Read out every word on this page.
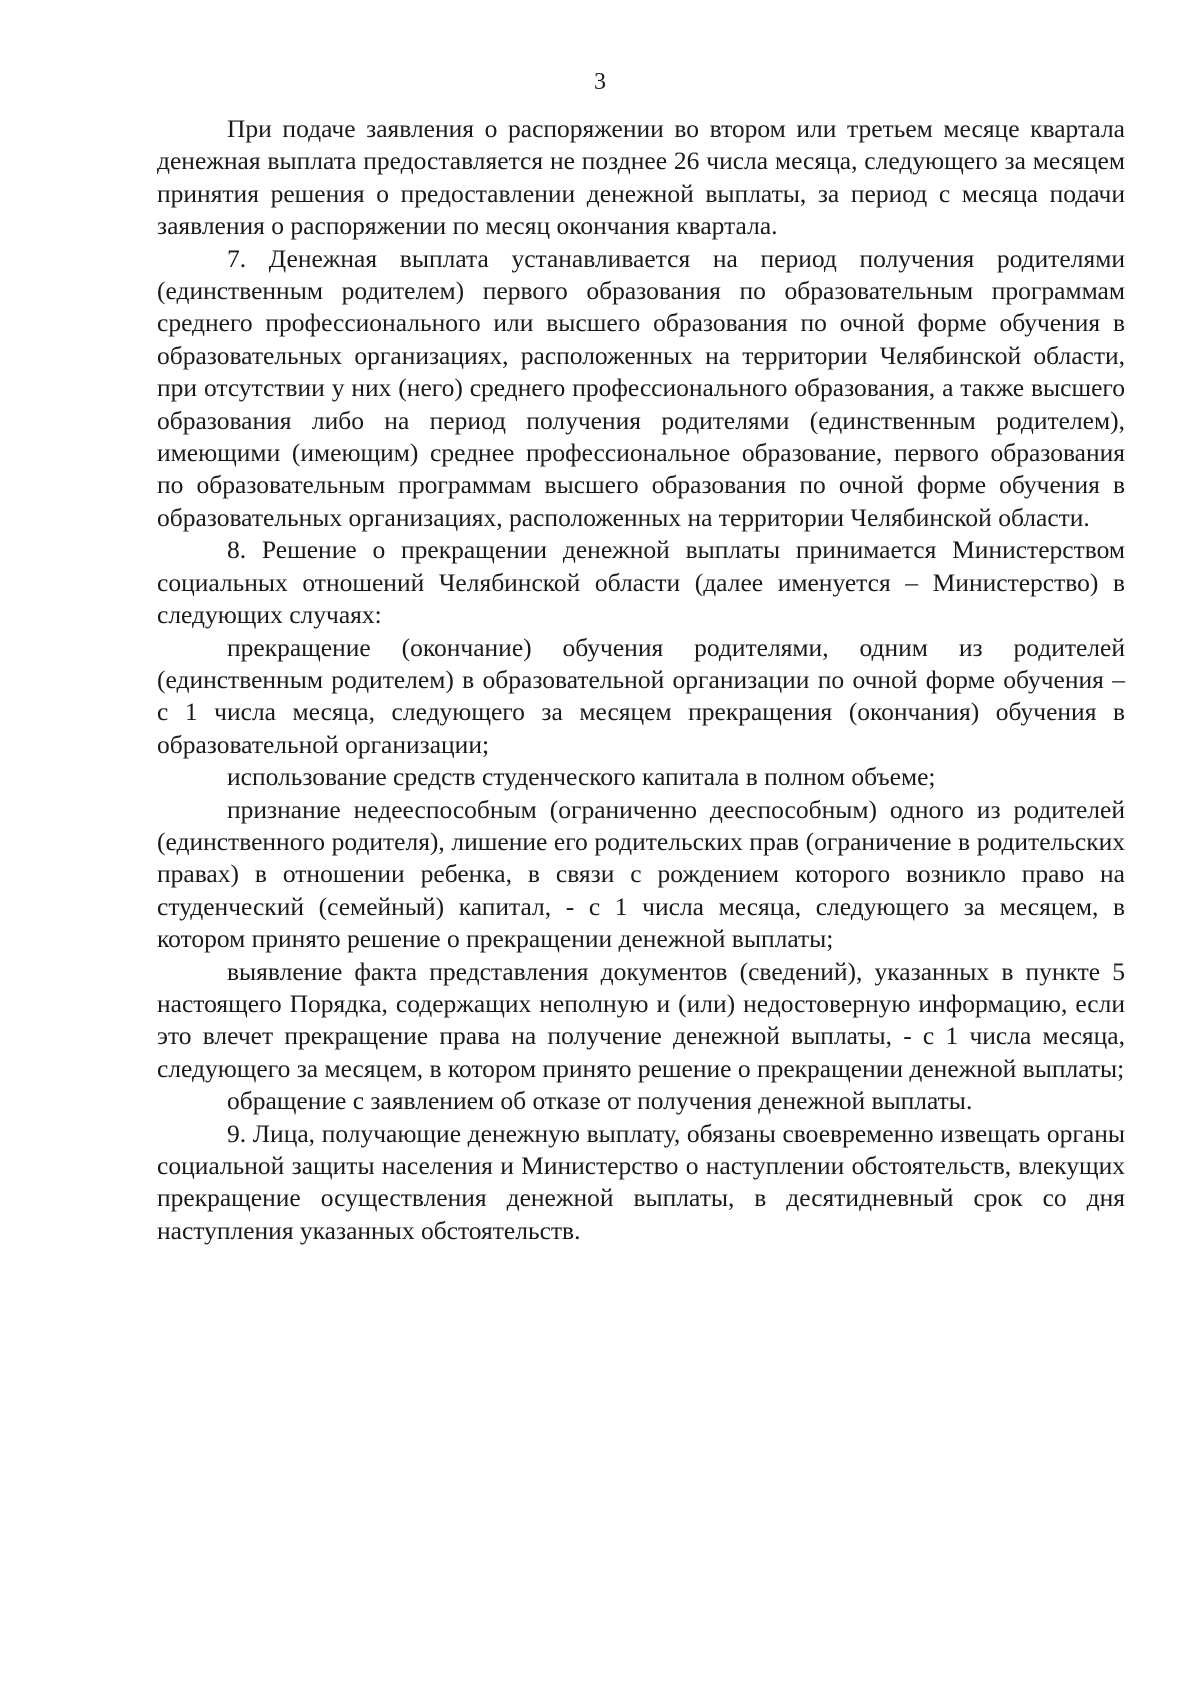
3

При подаче заявления о распоряжении во втором или третьем месяце квартала денежная выплата предоставляется не позднее 26 числа месяца, следующего за месяцем принятия решения о предоставлении денежной выплаты, за период с месяца подачи заявления о распоряжении по месяц окончания квартала.

7. Денежная выплата устанавливается на период получения родителями (единственным родителем) первого образования по образовательным программам среднего профессионального или высшего образования по очной форме обучения в образовательных организациях, расположенных на территории Челябинской области, при отсутствии у них (него) среднего профессионального образования, а также высшего образования либо на период получения родителями (единственным родителем), имеющими (имеющим) среднее профессиональное образование, первого образования по образовательным программам высшего образования по очной форме обучения в образовательных организациях, расположенных на территории Челябинской области.

8. Решение о прекращении денежной выплаты принимается Министерством социальных отношений Челябинской области (далее именуется – Министерство) в следующих случаях:

прекращение (окончание) обучения родителями, одним из родителей (единственным родителем) в образовательной организации по очной форме обучения – с 1 числа месяца, следующего за месяцем прекращения (окончания) обучения в образовательной организации;

использование средств студенческого капитала в полном объеме;

признание недееспособным (ограниченно дееспособным) одного из родителей (единственного родителя), лишение его родительских прав (ограничение в родительских правах) в отношении ребенка, в связи с рождением которого возникло право на студенческий (семейный) капитал, - с 1 числа месяца, следующего за месяцем, в котором принято решение о прекращении денежной выплаты;

выявление факта представления документов (сведений), указанных в пункте 5 настоящего Порядка, содержащих неполную и (или) недостоверную информацию, если это влечет прекращение права на получение денежной выплаты, - с 1 числа месяца, следующего за месяцем, в котором принято решение о прекращении денежной выплаты;

обращение с заявлением об отказе от получения денежной выплаты.

9. Лица, получающие денежную выплату, обязаны своевременно извещать органы социальной защиты населения и Министерство о наступлении обстоятельств, влекущих прекращение осуществления денежной выплаты, в десятидневный срок со дня наступления указанных обстоятельств.
